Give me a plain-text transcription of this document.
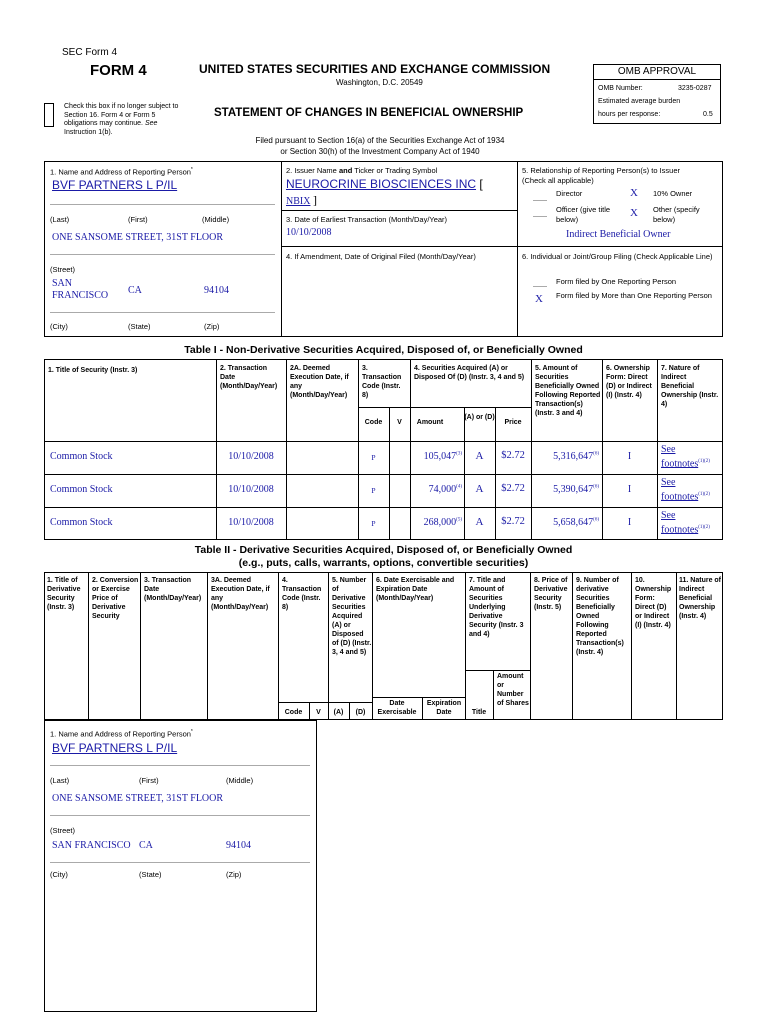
SEC Form 4
FORM 4	UNITED STATES SECURITIES AND EXCHANGE COMMISSION
Washington, D.C. 20549
Check this box if no longer subject to Section 16. Form 4 or Form 5 obligations may continue. See Instruction 1(b).
STATEMENT OF CHANGES IN BENEFICIAL OWNERSHIP
Filed pursuant to Section 16(a) of the Securities Exchange Act of 1934
or Section 30(h) of the Investment Company Act of 1940
OMB APPROVAL
OMB Number:	3235-0287
Estimated average burden
hours per response:	0.5
1. Name and Address of Reporting Person*
BVF PARTNERS L P/IL
(Last)	(First)	(Middle)
ONE SANSOME STREET, 31ST FLOOR
(Street)
SAN
FRANCISCO CA	94104
(City)	(State)	(Zip)
2. Issuer Name and Ticker or Trading Symbol
NEUROCRINE BIOSCIENCES INC [
NBIX ]
3. Date of Earliest Transaction (Month/Day/Year)
10/10/2008
4. If Amendment, Date of Original Filed (Month/Day/Year)
5. Relationship of Reporting Person(s) to Issuer
(Check all applicable)
Director	X 10% Owner
Officer (give title below)	X Other (specify below)
Indirect Beneficial Owner
6. Individual or Joint/Group Filing (Check Applicable Line)
Form filed by One Reporting Person
X Form filed by More than One Reporting Person
Table I - Non-Derivative Securities Acquired, Disposed of, or Beneficially Owned
1. Title of Security (Instr. 3)	2. Transaction Date (Month/Day/Year)
2A. Deemed Execution Date, if any (Month/Day/Year)
3. Transaction Code (Instr. 8)
4. Securities Acquired (A) or Disposed Of (D) (Instr. 3, 4 and 5)
5. Amount of Securities Beneficially Owned Following Reported Transaction(s) (Instr. 3 and 4)
6. Ownership Form: Direct (D) or Indirect (I) (Instr. 4)
7. Nature of Indirect Beneficial Ownership (Instr. 4)
Code	V	Amount
(A) or (D)
Price
Common Stock	10/10/2008	P	105,047$^{(3)}$	A	$2.72	5,316,647$^{(6)}$	I
See
footnotes$^{(1)(2)}$
Common Stock	10/10/2008	P	74,000$^{(4)}$	A	$2.72	5,390,647$^{(6)}$	I
See
footnotes$^{(1)(2)}$
Common Stock	10/10/2008	P	268,000$^{(5)}$	A	$2.72	5,658,647$^{(6)}$	I
See
footnotes$^{(1)(2)}$
Table II - Derivative Securities Acquired, Disposed of, or Beneficially Owned
(e.g., puts, calls, warrants, options, convertible securities)
1. Title of Derivative Security (Instr. 3)
2. Conversion or Exercise Price of Derivative Security
3. Transaction Date (Month/Day/Year)
3A. Deemed Execution Date, if any (Month/Day/Year)
4. Transaction Code (Instr. 8)
5. Number of Derivative Securities Acquired (A) or Disposed of (D) (Instr. 3, 4 and 5)
6. Date Exercisable and Expiration Date (Month/Day/Year)
7. Title and Amount of Securities Underlying Derivative Security (Instr. 3 and 4)
8. Price of Derivative Security (Instr. 5)
9. Number of derivative Securities Beneficially Owned Following Reported Transaction(s) (Instr. 4)
10. Ownership Form: Direct (D) or Indirect (I) (Instr. 4)
11. Nature of Indirect Beneficial Ownership (Instr. 4)
Code	V	(A)	(D)
Date Exercisable
Expiration Date	Title
Amount or Number of Shares
1. Name and Address of Reporting Person*
BVF PARTNERS L P/IL
(Last)	(First)	(Middle)
ONE SANSOME STREET, 31ST FLOOR
(Street)
SAN FRANCISCO CA	94104
(City)	(State)	(Zip)
